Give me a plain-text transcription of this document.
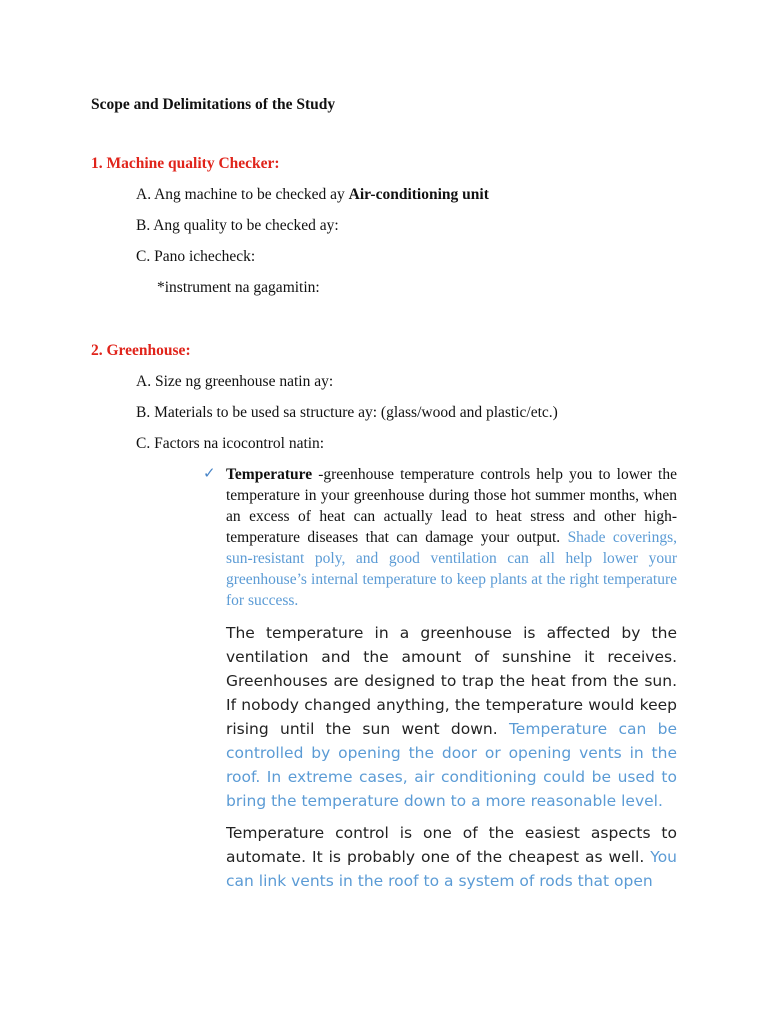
Scope and Delimitations of the Study
1. Machine quality Checker:
A. Ang machine to be checked ay Air-conditioning unit
B. Ang quality to be checked ay:
C. Pano ichecheck:
*instrument na gagamitin:
2. Greenhouse:
A. Size ng greenhouse natin ay:
B. Materials to be used sa structure ay: (glass/wood and plastic/etc.)
C. Factors na icocontrol natin:
✓ Temperature -greenhouse temperature controls help you to lower the temperature in your greenhouse during those hot summer months, when an excess of heat can actually lead to heat stress and other high-temperature diseases that can damage your output. Shade coverings, sun-resistant poly, and good ventilation can all help lower your greenhouse’s internal temperature to keep plants at the right temperature for success.
The temperature in a greenhouse is affected by the ventilation and the amount of sunshine it receives. Greenhouses are designed to trap the heat from the sun. If nobody changed anything, the temperature would keep rising until the sun went down. Temperature can be controlled by opening the door or opening vents in the roof. In extreme cases, air conditioning could be used to bring the temperature down to a more reasonable level.
Temperature control is one of the easiest aspects to automate. It is probably one of the cheapest as well. You can link vents in the roof to a system of rods that open
